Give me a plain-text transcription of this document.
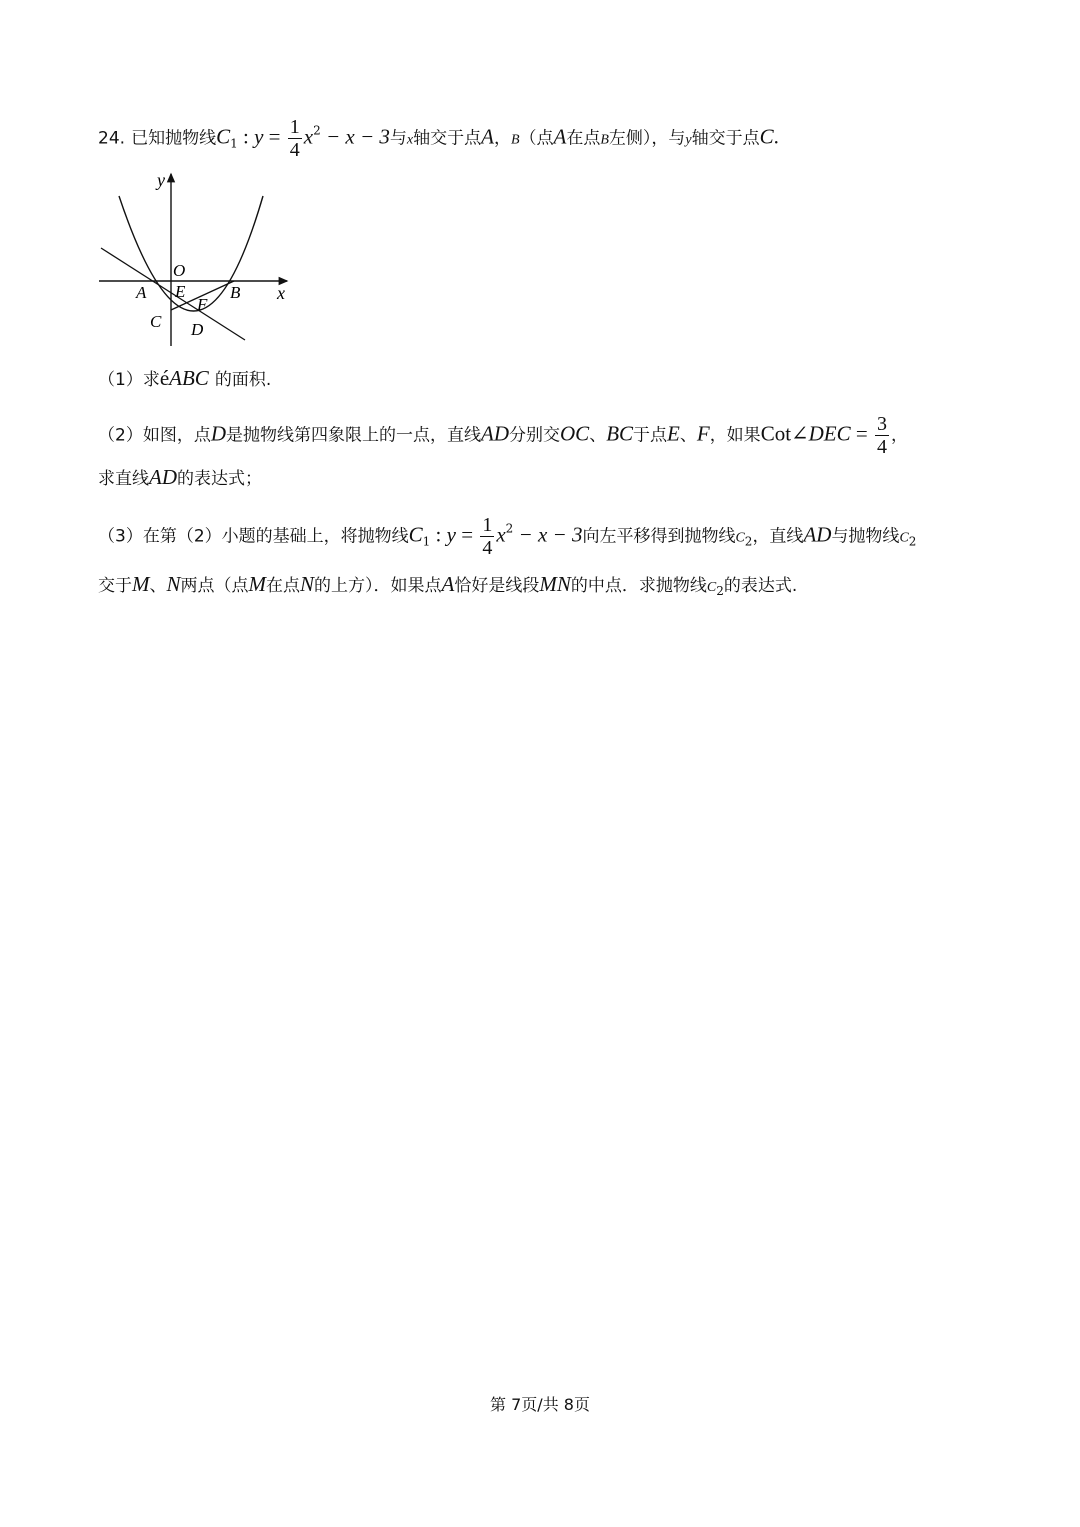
24. 已知抛物线$C_1$ : $y = \frac{1}{4} x^2 - x - 3$与x轴交于点A，B（点A在点B左侧），与y轴交于点C.
y
x
O
A E	B
F
C D
（1）求éABC 的面积.
（2）如图，点D是抛物线第四象限上的一点，直线AD分别交OC、BC于点E、F，如果Cot∠DEC = $\frac{3}{4}$ ，
求直线AD的表达式；
（3）在第（2）小题的基础上，将抛物线$C_1$ : $y = \frac{1}{4} x^2 - x - 3$向左平移得到抛物线$C_2$，直线AD与抛物线$C_2$
交于M、N两点（点M在点N的上方）．如果点A恰好是线段MN的中点．求抛物线$C_2$的表达式.
第 7页/共 8页
